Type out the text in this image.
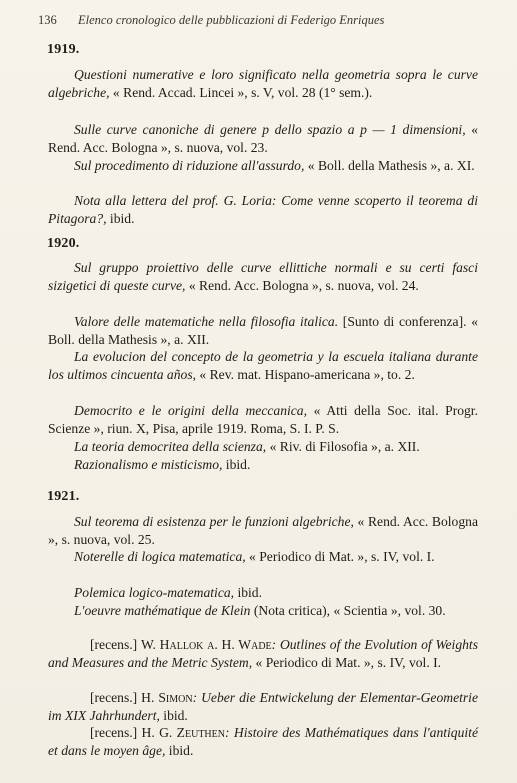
136 Elenco cronologico delle pubblicazioni di Federigo Enriques
1919.

Questioni numerative e loro significato nella geometria sopra le curve algebriche, « Rend. Accad. Lincei », s. V, vol. 28 (1° sem.).

Sulle curve canoniche di genere p dello spazio a p — 1 dimensioni, « Rend. Acc. Bologna », s. nuova, vol. 23.

Sul procedimento di riduzione all'assurdo, « Boll. della Mathesis », a. XI.

Nota alla lettera del prof. G. Loria: Come venne scoperto il teorema di Pitagora?, ibid.

1920.

Sul gruppo proiettivo delle curve ellittiche normali e su certi fasci sizigetici di queste curve, « Rend. Acc. Bologna », s. nuova, vol. 24.

Valore delle matematiche nella filosofia italica. [Sunto di conferenza]. « Boll. della Mathesis », a. XII.

La evolucion del concepto de la geometria y la escuela italiana durante los ultimos cincuenta años, « Rev. mat. Hispano-americana », to. 2.

Democrito e le origini della meccanica, « Atti della Soc. ital. Progr. Scienze », riun. X, Pisa, aprile 1919. Roma, S. I. P. S.

La teoria democritea della scienza, « Riv. di Filosofia », a. XII.

Razionalismo e misticismo, ibid.

1921.

Sul teorema di esistenza per le funzioni algebriche, « Rend. Acc. Bologna », s. nuova, vol. 25.

Noterelle di logica matematica, « Periodico di Mat. », s. IV, vol. I.

Polemica logico-matematica, ibid.

L'oeuvre mathématique de Klein (Nota critica), « Scientia », vol. 30.

[recens.] W. Hallok a. H. Wade: Outlines of the Evolution of Weights and Measures and the Metric System, « Periodico di Mat. », s. IV, vol. I.

[recens.] H. Simon: Ueber die Entwickelung der Elementar-Geometrie im XIX Jahrhundert, ibid.

[recens.] H. G. Zeuthen: Histoire des Mathématiques dans l'antiquité et dans le moyen âge, ibid.
